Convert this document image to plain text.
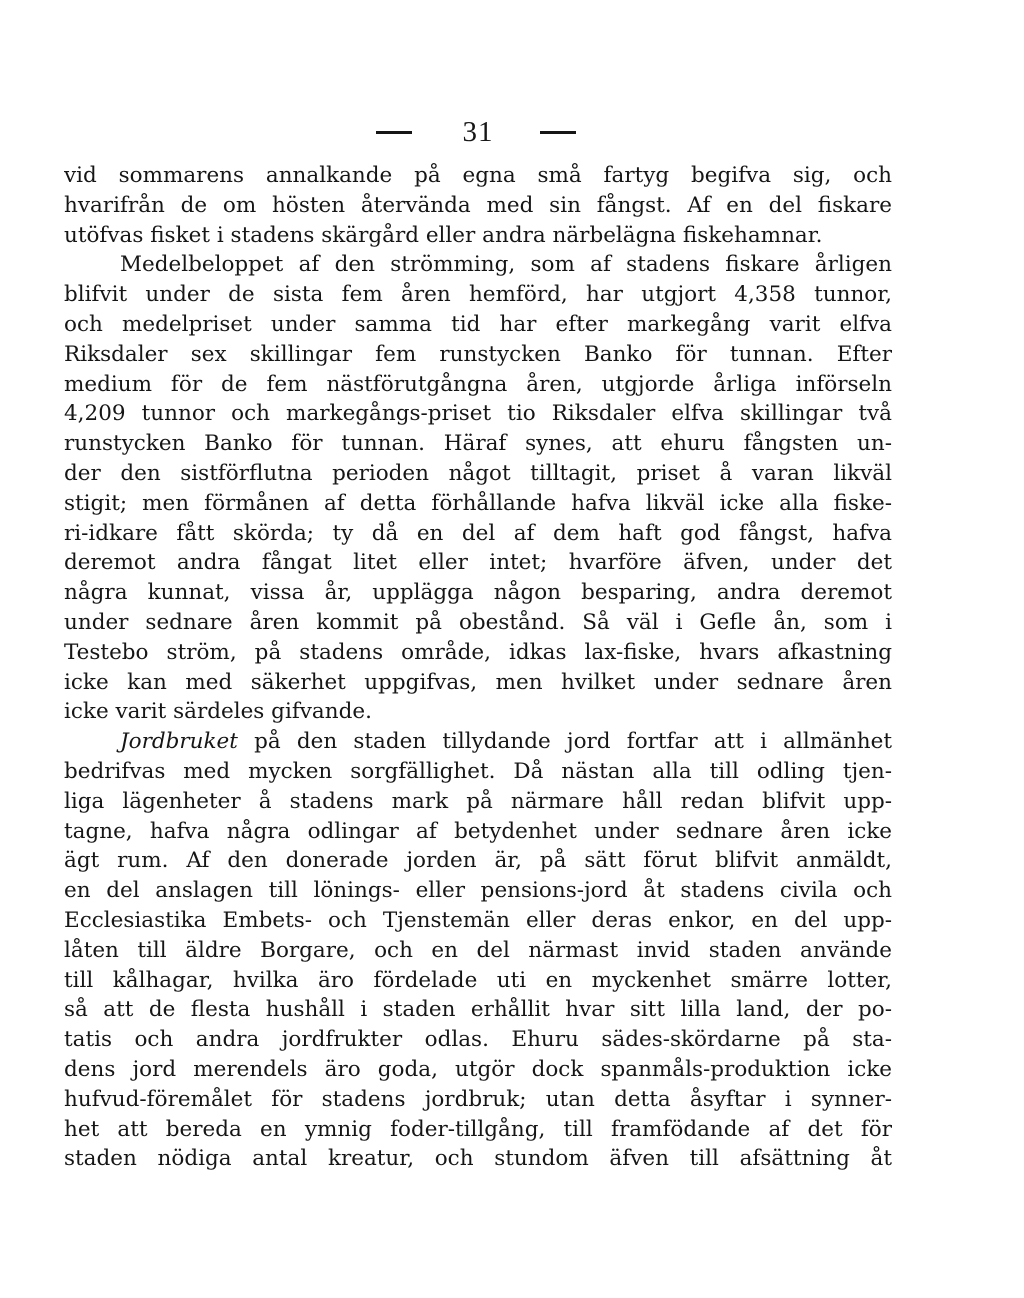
31
vid sommarens annalkande på egna små fartyg begifva sig, och
hvarifrån de om hösten återvända med sin fångst. Af en del fiskare
utöfvas fisket i stadens skärgård eller andra närbelägna fiskehamnar.
Medelbeloppet af den strömming, som af stadens fiskare årligen
blifvit under de sista fem åren hemförd, har utgjort 4,358 tunnor,
och medelpriset under samma tid har efter markegång varit elfva
Riksdaler sex skillingar fem runstycken Banko för tunnan. Efter
medium för de fem nästförutgångna åren, utgjorde årliga införseln
4,209 tunnor och markegångs-priset tio Riksdaler elfva skillingar två
runstycken Banko för tunnan. Häraf synes, att ehuru fångsten un-
der den sistförflutna perioden något tilltagit, priset å varan likväl
stigit; men förmånen af detta förhållande hafva likväl icke alla fiske-
ri-idkare fått skörda; ty då en del af dem haft god fångst, hafva
deremot andra fångat litet eller intet; hvarföre äfven, under det
några kunnat, vissa år, upplägga någon besparing, andra deremot
under sednare åren kommit på obestånd. Så väl i Gefle ån, som i
Testebo ström, på stadens område, idkas lax-fiske, hvars afkastning
icke kan med säkerhet uppgifvas, men hvilket under sednare åren
icke varit särdeles gifvande.
Jordbruket på den staden tillydande jord fortfar att i allmänhet
bedrifvas med mycken sorgfällighet. Då nästan alla till odling tjen-
liga lägenheter å stadens mark på närmare håll redan blifvit upp-
tagne, hafva några odlingar af betydenhet under sednare åren icke
ägt rum. Af den donerade jorden är, på sätt förut blifvit anmäldt,
en del anslagen till lönings- eller pensions-jord åt stadens civila och
Ecclesiastika Embets- och Tjenstemän eller deras enkor, en del upp-
låten till äldre Borgare, och en del närmast invid staden använde
till kålhagar, hvilka äro fördelade uti en myckenhet smärre lotter,
så att de flesta hushåll i staden erhållit hvar sitt lilla land, der po-
tatis och andra jordfrukter odlas. Ehuru sädes-skördarne på sta-
dens jord merendels äro goda, utgör dock spanmåls-produktion icke
hufvud-föremålet för stadens jordbruk; utan detta åsyftar i synner-
het att bereda en ymnig foder-tillgång, till framfödande af det för
staden nödiga antal kreatur, och stundom äfven till afsättning åt
